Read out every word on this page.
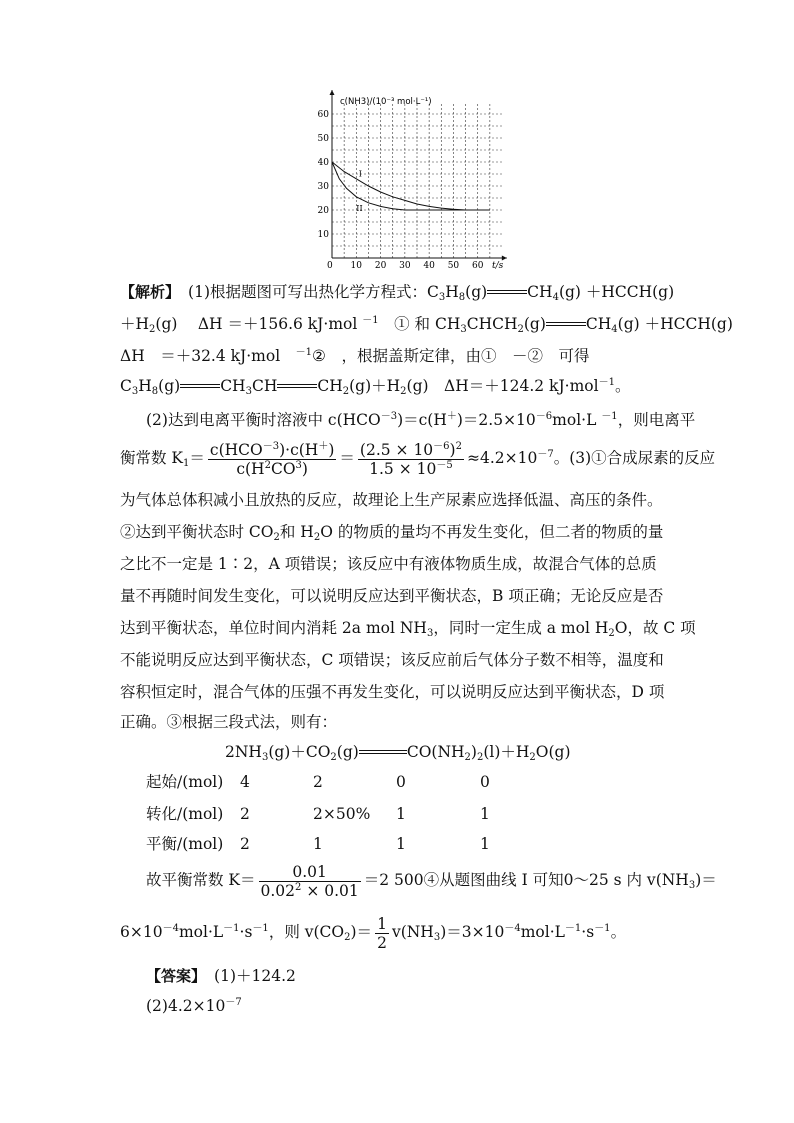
10 20 30 40 50 60
10
20
30
40
50
60
c(NH3)/(10⁻³ mol·L⁻¹)
t/s
0
I
II
【解析】　 (1)根据题图可写出热化学方程式：$C_3H_8(g)$	$CH_4(g)$ ＋HCCH(g)
$+H_2(g)$　 ΔH ＝＋156.6 kJ·mol $^{-1}$　① 和 $CH_3CHCH_2(g)$	$CH_4(g)$ ＋HCCH(g)
ΔH　＝＋32.4 kJ·mol　$^{-1}$②　，根据盖斯定律，由①　－②　可得
$C_3H_8(g)$	$CH_3CH$	$CH_2(g)+H_2(g)$　ΔH＝＋124.2 kJ·mol$^{-1}$。
(2)达到电离平衡时溶液中 $c(HCO^{-3})=c(H^+)=2.5\times 10^{-6}mol\cdot L$ $^{-1}$，则电离平
衡常数 $K_1= \frac{c(HCO^{-3})\cdot c(H^+)}{c(H^2CO^3)} = \frac{(2.5 \times 10^{-6})^2}{1.5 \times 10^{-5}} \approx 4.2\times 10^{-7}$。(3)①合成尿素的反应
为气体总体积减小且放热的反应，故理论上生产尿素应选择低温、高压的条件。
②达到平衡状态时 $CO_2$和 $H_2O$ 的物质的量均不再发生变化，但二者的物质的量
之比不一定是 1∶2，A 项错误；该反应中有液体物质生成，故混合气体的总质
量不再随时间发生变化，可以说明反应达到平衡状态，B 项正确；无论反应是否
达到平衡状态，单位时间内消耗 2a mol $NH_3$，同时一定生成 a mol $H_2O$，故 C 项
不能说明反应达到平衡状态，C 项错误；该反应前后气体分子数不相等，温度和
容积恒定时，混合气体的压强不再发生变化，可以说明反应达到平衡状态，D 项
正确。③根据三段式法，则有：
$2NH_3(g)+CO_2(g)$	$CO(NH_2)_2(l)+H_2O(g)$
起始/(mol) 4	2	0	0
转化/(mol) 2	2×50% 1	1
平衡/(mol) 2	1	1	1
故平衡常数 $K= \frac{0.01}{0.02^2 \times 0.01} =2$ 500④从题图曲线 I 可知0～25 s 内 $v(NH_3)=$
$6\times 10^{-4}mol\cdot L^{-1}\cdot s^{-1}$，则 $v(CO_2)= \frac{1}{2} v(NH_3)=3\times 10^{-4}mol\cdot L^{-1}\cdot s^{-1}$。
【答案】　 (1)＋124.2
$(2)4.2\times 10^{-7}$
